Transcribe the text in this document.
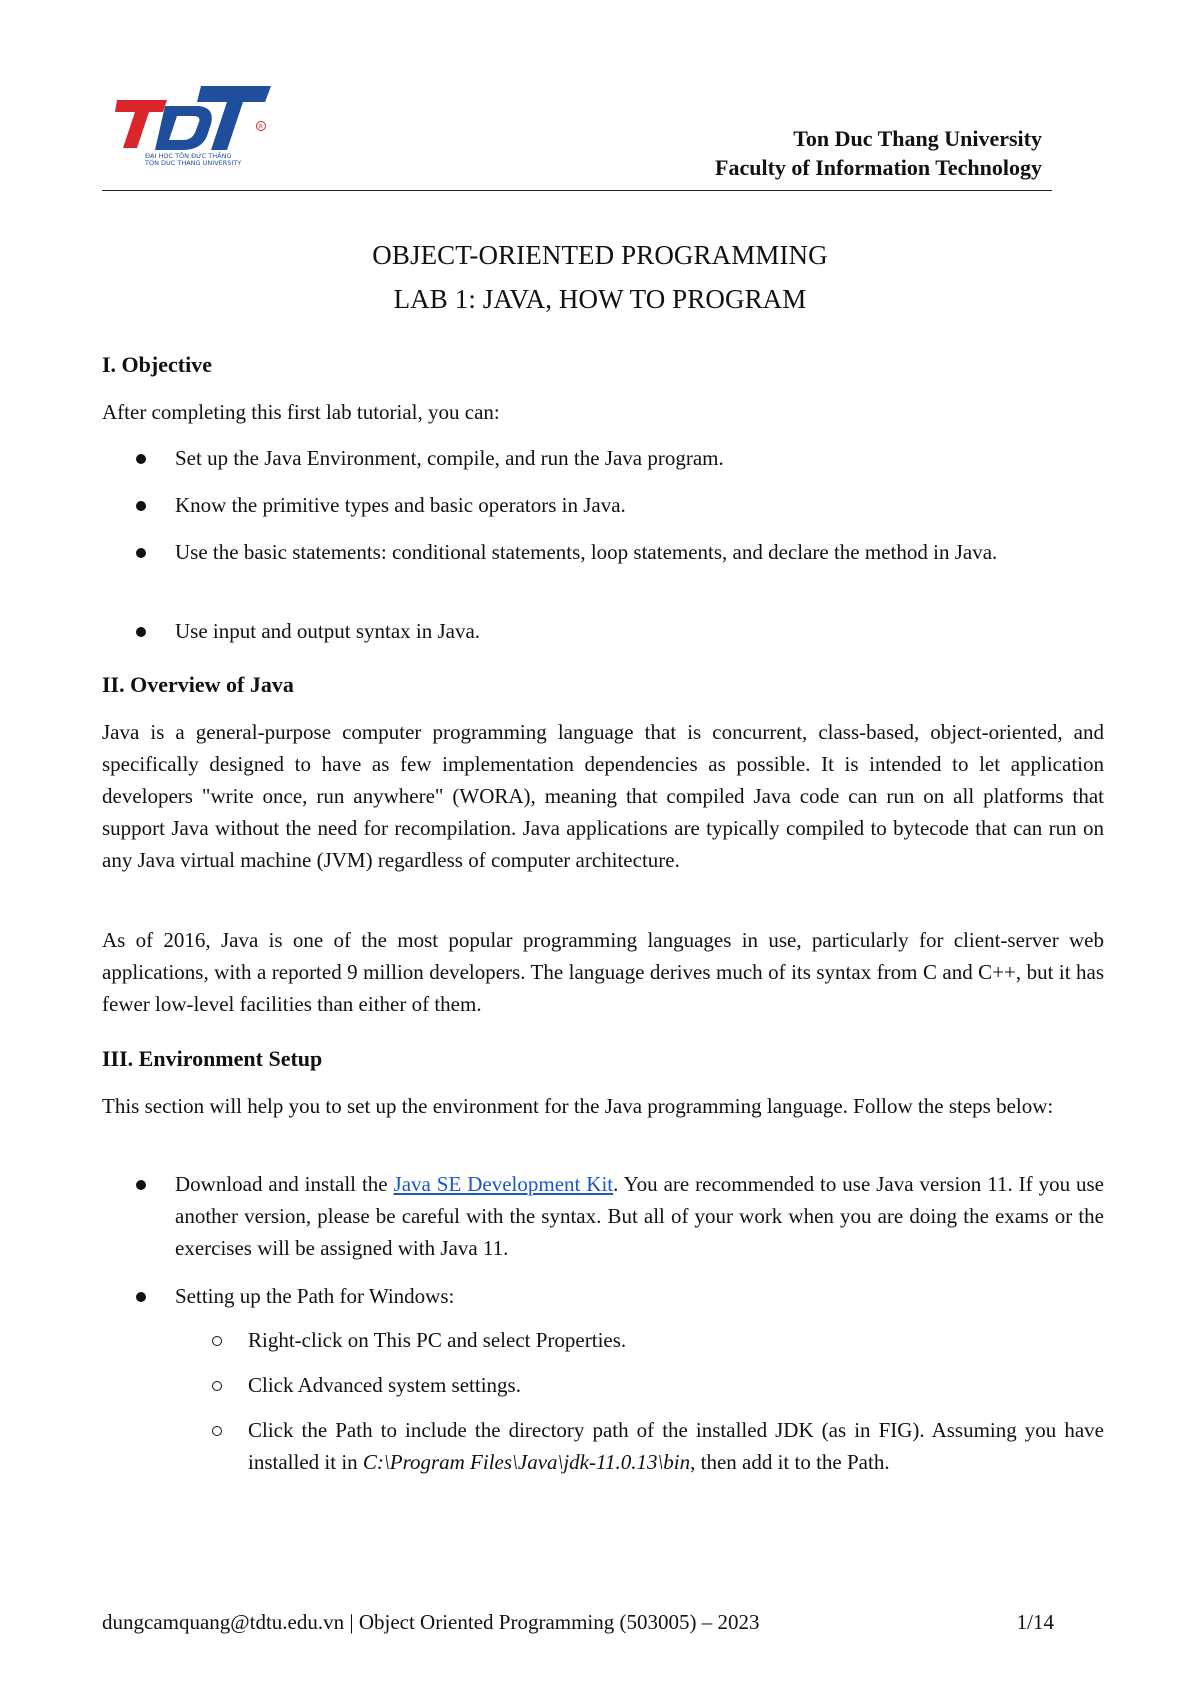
R
ĐẠI HỌC TÔN ĐỨC THẮNG
TON DUC THANG UNIVERSITY
Ton Duc Thang University
Faculty of Information Technology
OBJECT-ORIENTED PROGRAMMING
LAB 1: JAVA, HOW TO PROGRAM
I. Objective
After completing this first lab tutorial, you can:
Set up the Java Environment, compile, and run the Java program.
Know the primitive types and basic operators in Java.
Use the basic statements: conditional statements, loop statements, and declare the method in Java.
Use input and output syntax in Java.
II. Overview of Java
Java is a general-purpose computer programming language that is concurrent, class-based, object-oriented, and specifically designed to have as few implementation dependencies as possible. It is intended to let application developers "write once, run anywhere" (WORA), meaning that compiled Java code can run on all platforms that support Java without the need for recompilation. Java applications are typically compiled to bytecode that can run on any Java virtual machine (JVM) regardless of computer architecture.
As of 2016, Java is one of the most popular programming languages in use, particularly for client-server web applications, with a reported 9 million developers. The language derives much of its syntax from C and C++, but it has fewer low-level facilities than either of them.
III. Environment Setup
This section will help you to set up the environment for the Java programming language. Follow the steps below:
Download and install the Java SE Development Kit. You are recommended to use Java version 11. If you use another version, please be careful with the syntax. But all of your work when you are doing the exams or the exercises will be assigned with Java 11.
Setting up the Path for Windows:
Right-click on This PC and select Properties.
Click Advanced system settings.
Click the Path to include the directory path of the installed JDK (as in FIG). Assuming you have installed it in C:\Program Files\Java\jdk-11.0.13\bin, then add it to the Path.
dungcamquang@tdtu.edu.vn | Object Oriented Programming (503005) – 2023	1/14
